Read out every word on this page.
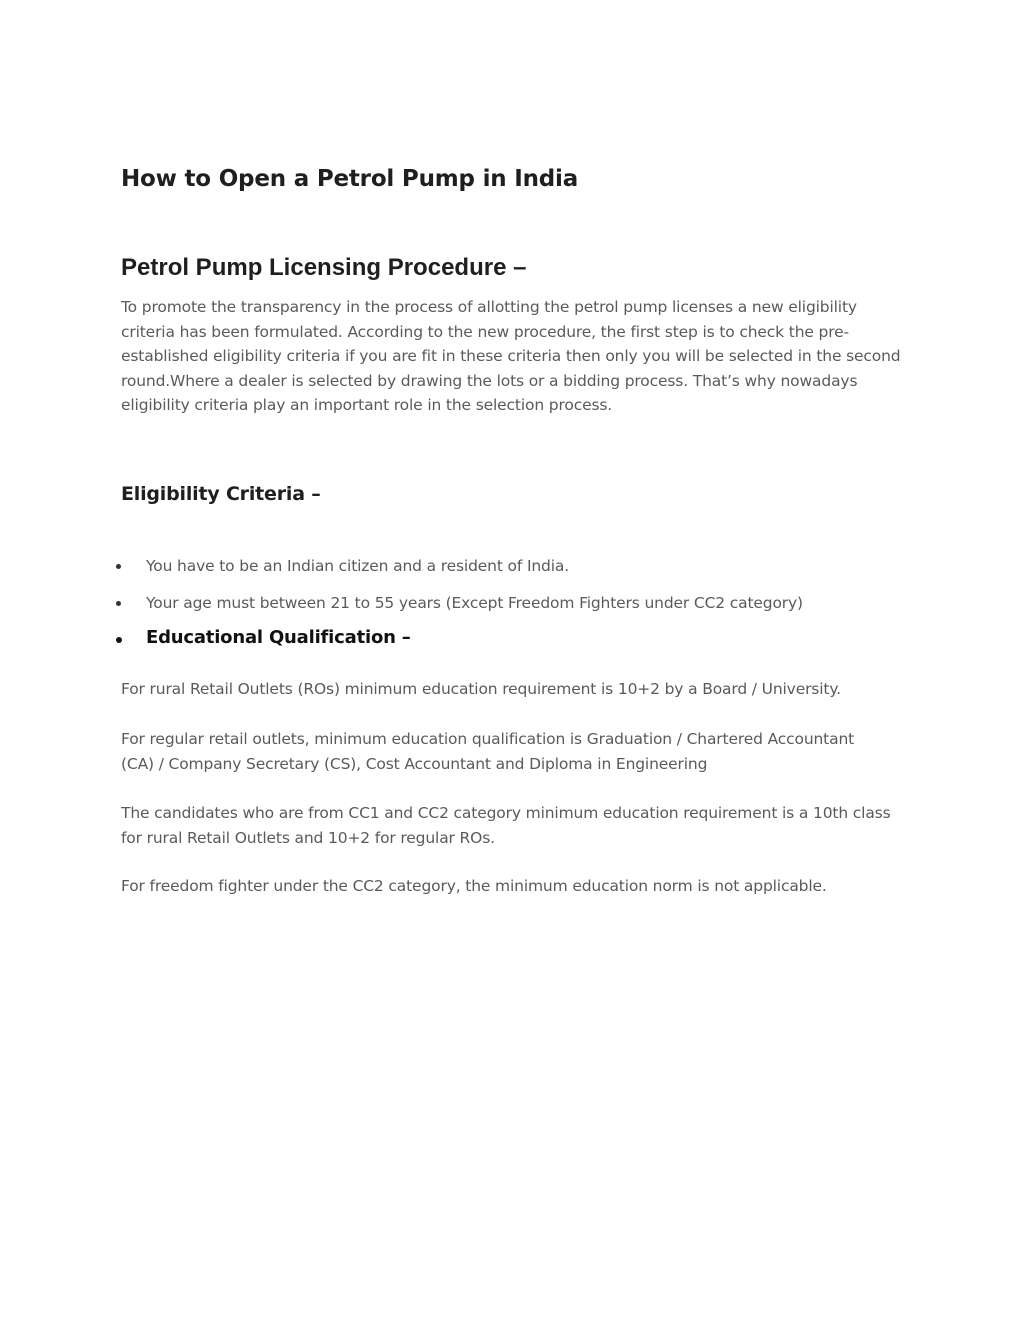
How to Open a Petrol Pump in India
Petrol Pump Licensing Procedure –

To promote the transparency in the process of allotting the petrol pump licenses a new eligibility criteria has been formulated. According to the new procedure, the first step is to check the pre-established eligibility criteria if you are fit in these criteria then only you will be selected in the second round.Where a dealer is selected by drawing the lots or a bidding process. That’s why nowadays eligibility criteria play an important role in the selection process.

Eligibility Criteria –
You have to be an Indian citizen and a resident of India.
Your age must between 21 to 55 years (Except Freedom Fighters under CC2 category)
Educational Qualification –

For rural Retail Outlets (ROs) minimum education requirement is 10+2 by a Board / University.

For regular retail outlets, minimum education qualification is Graduation / Chartered Accountant (CA) / Company Secretary (CS), Cost Accountant and Diploma in Engineering

The candidates who are from CC1 and CC2 category minimum education requirement is a 10th class for rural Retail Outlets and 10+2 for regular ROs.

For freedom fighter under the CC2 category, the minimum education norm is not applicable.
